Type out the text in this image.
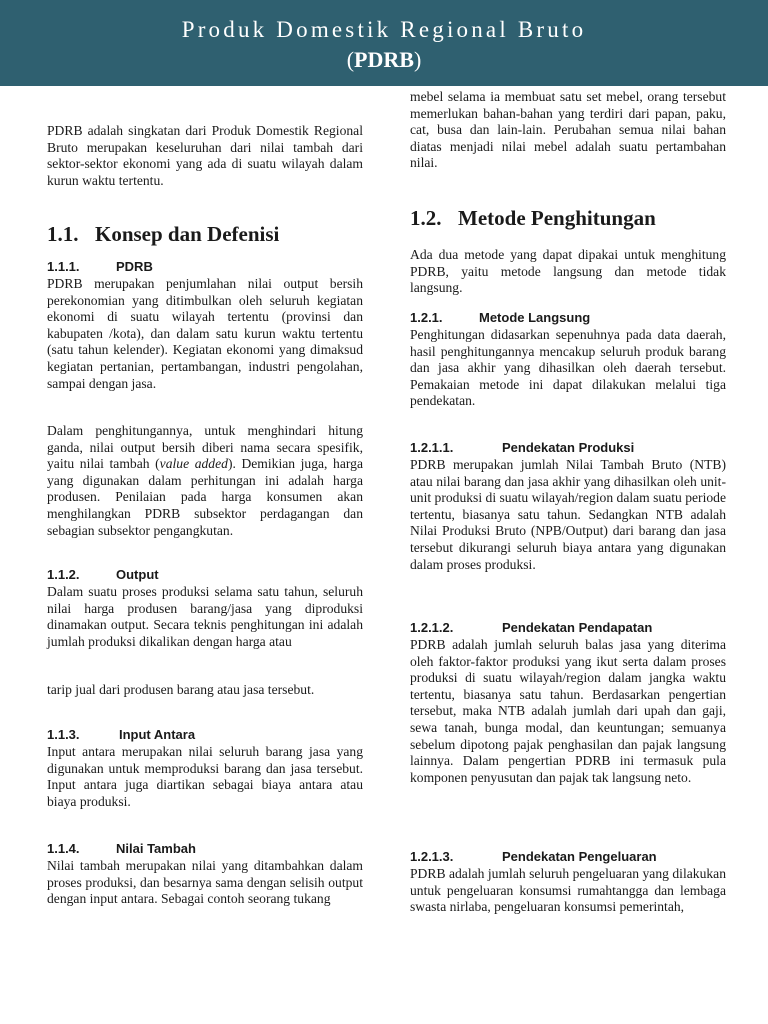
Produk Domestik Regional Bruto
(PDRB)

PDRB adalah singkatan dari Produk Domestik Regional Bruto merupakan keseluruhan dari nilai tambah dari sektor-sektor ekonomi yang ada di suatu wilayah dalam kurun waktu tertentu.

1.1. Konsep dan Defenisi
1.1.1.	PDRB

PDRB merupakan penjumlahan nilai output bersih perekonomian yang ditimbulkan oleh seluruh kegiatan ekonomi di suatu wilayah tertentu (provinsi dan kabupaten /kota), dan dalam satu kurun waktu tertentu (satu tahun kelender). Kegiatan ekonomi yang dimaksud kegiatan pertanian, pertambangan, industri pengolahan, sampai dengan jasa.

Dalam penghitungannya, untuk menghindari hitung ganda, nilai output bersih diberi nama secara spesifik, yaitu nilai tambah (value added). Demikian juga, harga yang digunakan dalam perhitungan ini adalah harga produsen. Penilaian pada harga konsumen akan menghilangkan PDRB subsektor perdagangan dan sebagian subsektor pengangkutan.

1.1.2.	Output

Dalam suatu proses produksi selama satu tahun, seluruh nilai harga produsen barang/jasa yang diproduksi dinamakan output. Secara teknis penghitungan ini adalah jumlah produksi dikalikan dengan harga atau

tarip jual dari produsen barang atau jasa tersebut.

1.1.3.	Input Antara

Input antara merupakan nilai seluruh barang jasa yang digunakan untuk memproduksi barang dan jasa tersebut. Input antara juga diartikan sebagai biaya antara atau biaya produksi.

1.1.4.	Nilai Tambah

Nilai tambah merupakan nilai yang ditambahkan dalam proses produksi, dan besarnya sama dengan selisih output dengan input antara. Sebagai contoh seorang tukang

mebel selama ia membuat satu set mebel, orang tersebut memerlukan bahan-bahan yang terdiri dari papan, paku, cat, busa dan lain-lain. Perubahan semua nilai bahan diatas menjadi nilai mebel adalah suatu pertambahan nilai.

1.2. Metode Penghitungan

Ada dua metode yang dapat dipakai untuk menghitung PDRB, yaitu metode langsung dan metode tidak langsung.

1.2.1.	Metode Langsung

Penghitungan didasarkan sepenuhnya pada data daerah, hasil penghitungannya mencakup seluruh produk barang dan jasa akhir yang dihasilkan oleh daerah tersebut. Pemakaian metode ini dapat dilakukan melalui tiga pendekatan.

1.2.1.1.	Pendekatan Produksi

PDRB merupakan jumlah Nilai Tambah Bruto (NTB) atau nilai barang dan jasa akhir yang dihasilkan oleh unit-unit produksi di suatu wilayah/region dalam suatu periode tertentu, biasanya satu tahun. Sedangkan NTB adalah Nilai Produksi Bruto (NPB/Output) dari barang dan jasa tersebut dikurangi seluruh biaya antara yang digunakan dalam proses produksi.

1.2.1.2.	Pendekatan Pendapatan

PDRB adalah jumlah seluruh balas jasa yang diterima oleh faktor-faktor produksi yang ikut serta dalam proses produksi di suatu wilayah/region dalam jangka waktu tertentu, biasanya satu tahun. Berdasarkan pengertian tersebut, maka NTB adalah jumlah dari upah dan gaji, sewa tanah, bunga modal, dan keuntungan; semuanya sebelum dipotong pajak penghasilan dan pajak langsung lainnya. Dalam pengertian PDRB ini termasuk pula komponen penyusutan dan pajak tak langsung neto.

1.2.1.3.	Pendekatan Pengeluaran

PDRB adalah jumlah seluruh pengeluaran yang dilakukan untuk pengeluaran konsumsi rumahtangga dan lembaga swasta nirlaba, pengeluaran konsumsi pemerintah,
